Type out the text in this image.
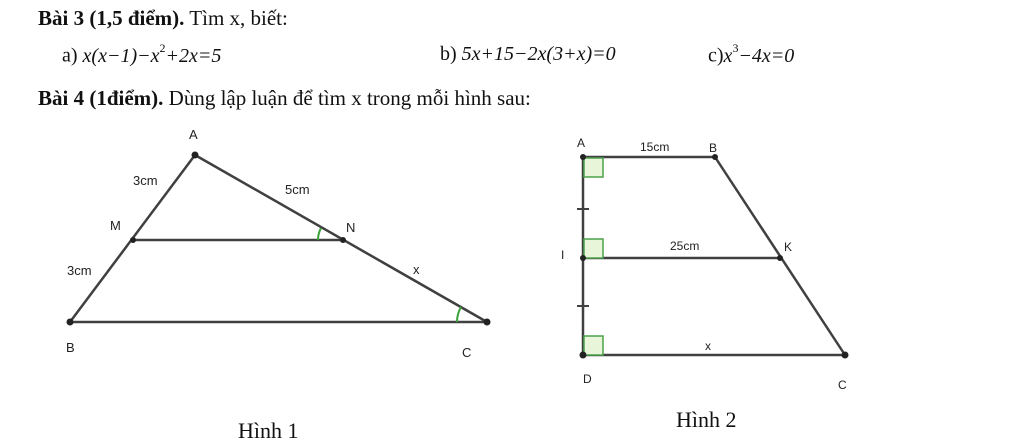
Bài 3 (1,5 điểm). Tìm x, biết:
a) $x(x-1)-x^2+2x=5$	b) 5x+15−2x(3+x)=0	$c)x^3-4x=0$
Bài 4 (1điểm). Dùng lập luận để tìm x trong mỗi hình sau:
A
B	C
M	N
3cm
3cm
5cm
x
A	B
I
K
D	C
15cm
25cm
x
Hình 1	Hình 2
